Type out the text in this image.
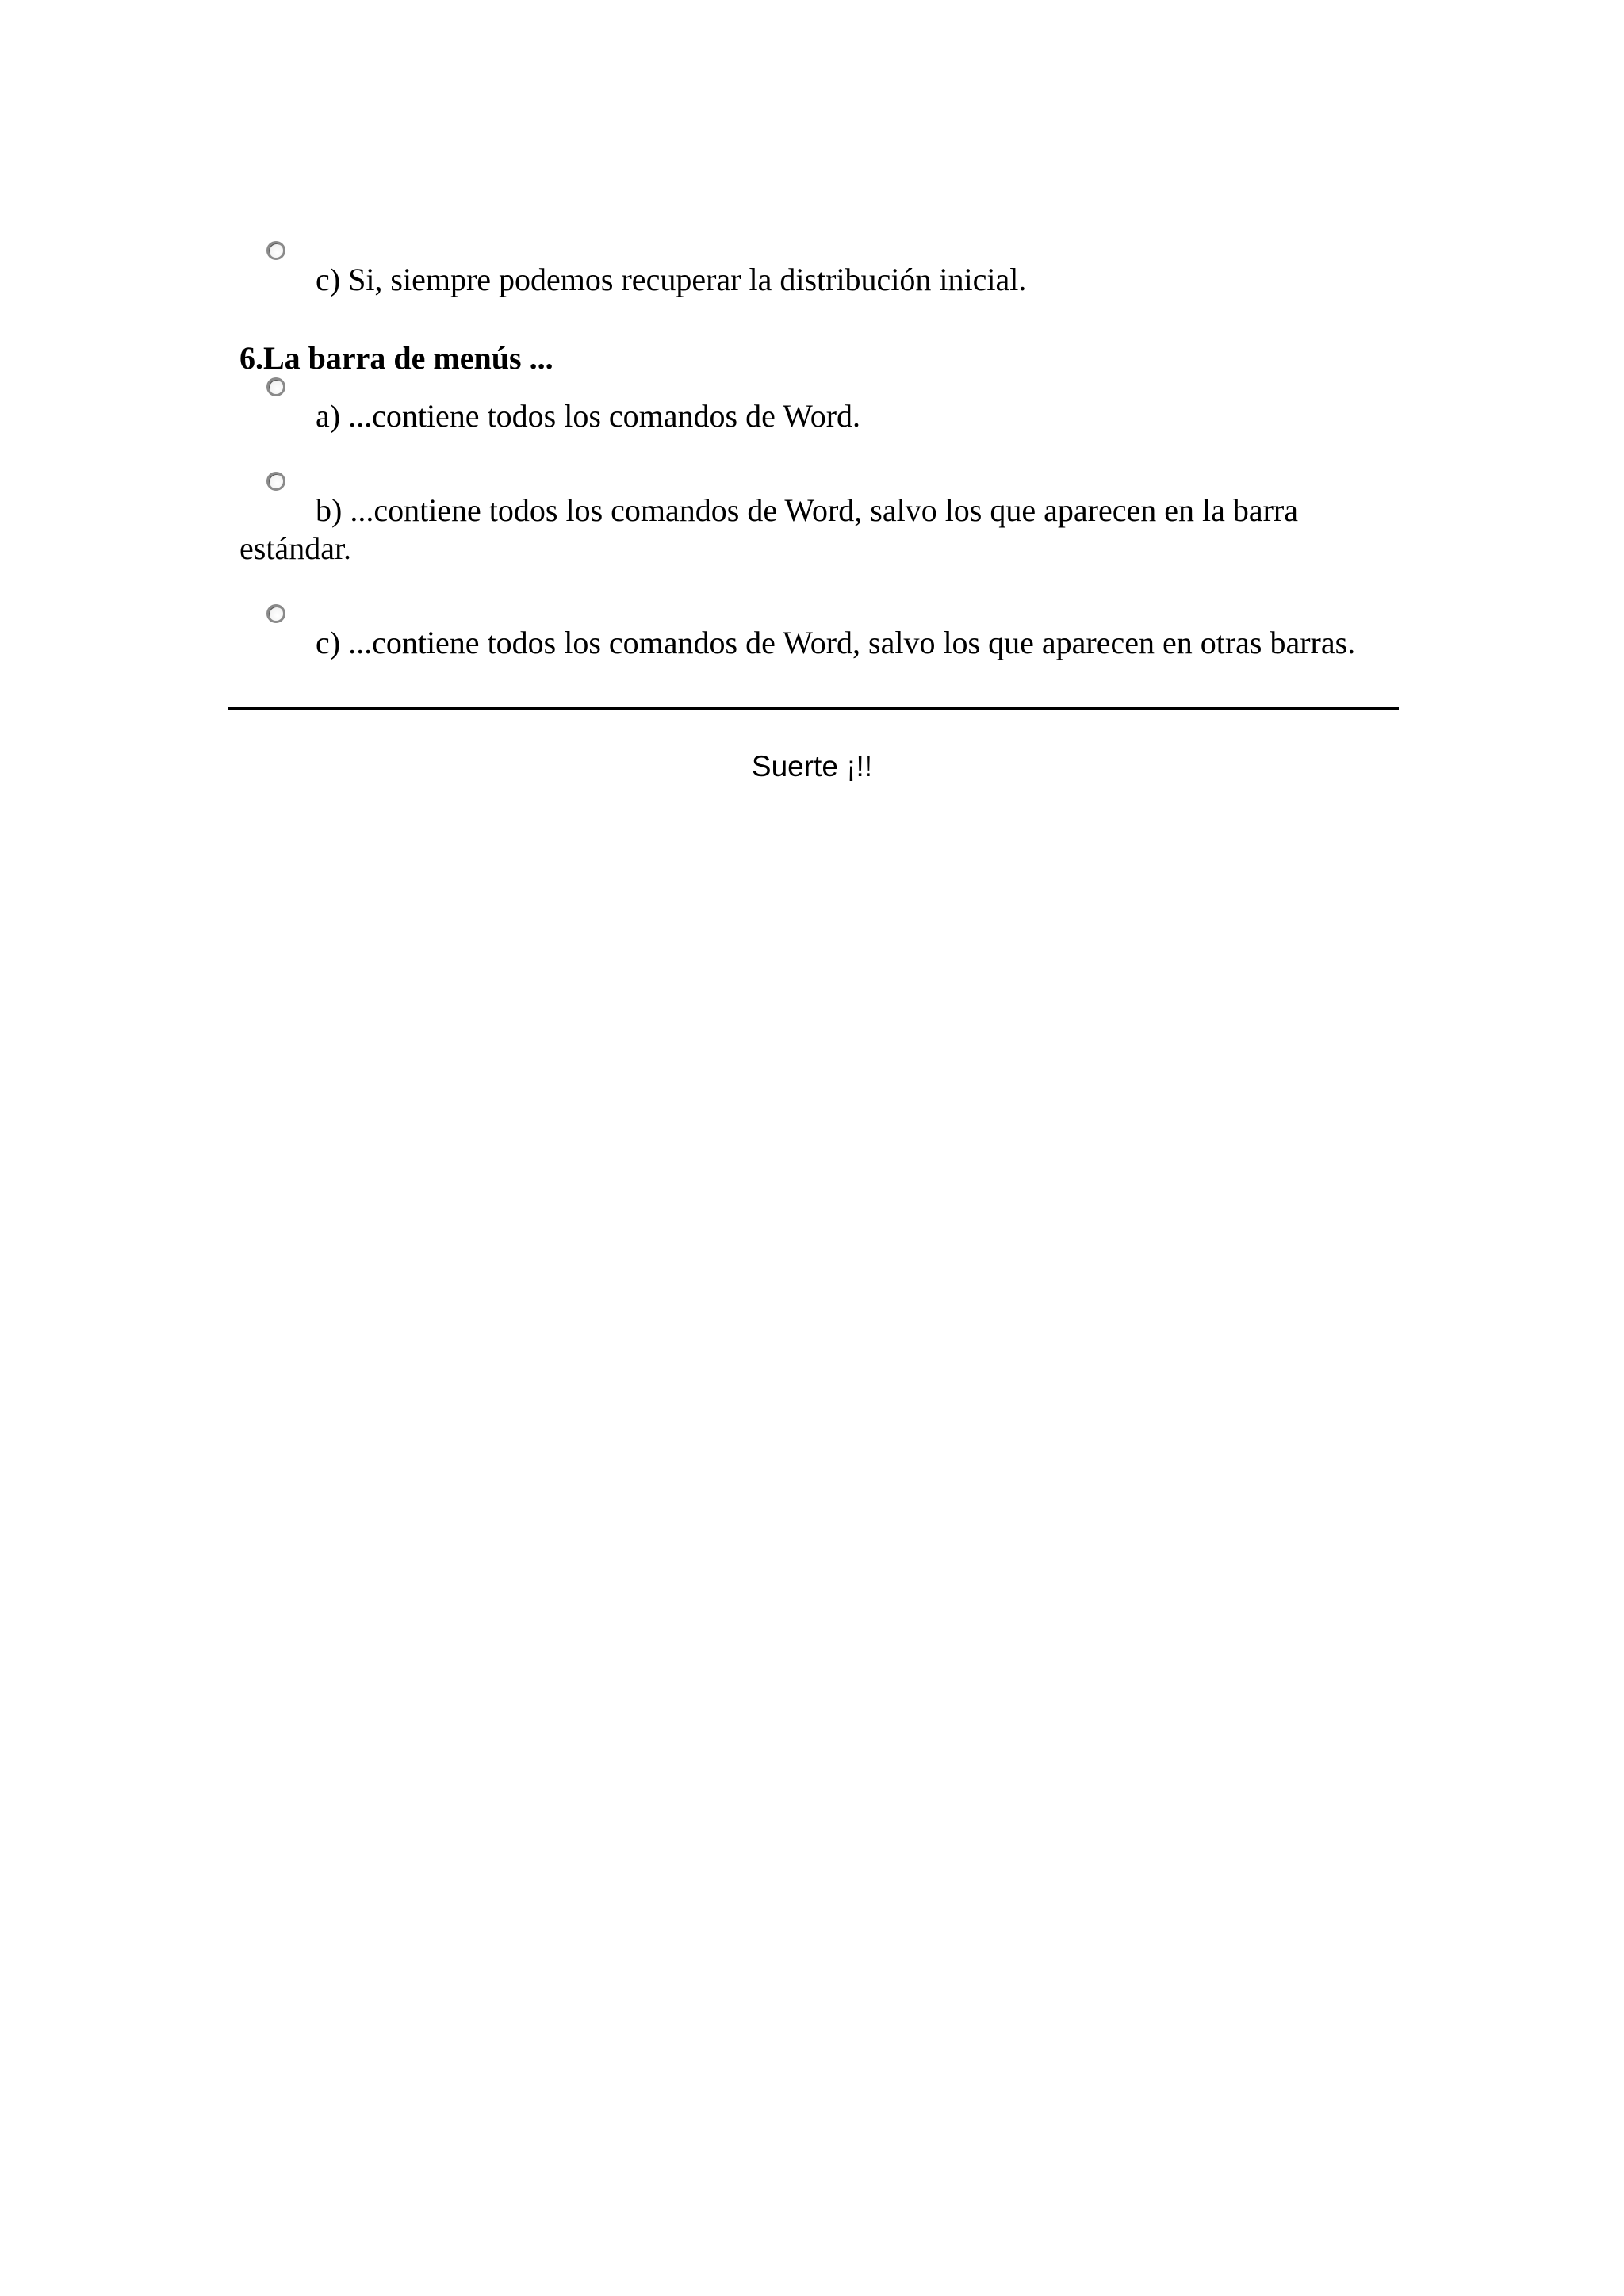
c) Si, siempre podemos recuperar la distribución inicial.
6.La barra de menús ...
a) ...contiene todos los comandos de Word.
b) ...contiene todos los comandos de Word, salvo los que aparecen en la barra estándar.
c) ...contiene todos los comandos de Word, salvo los que aparecen en otras barras.
Suerte ¡!!
